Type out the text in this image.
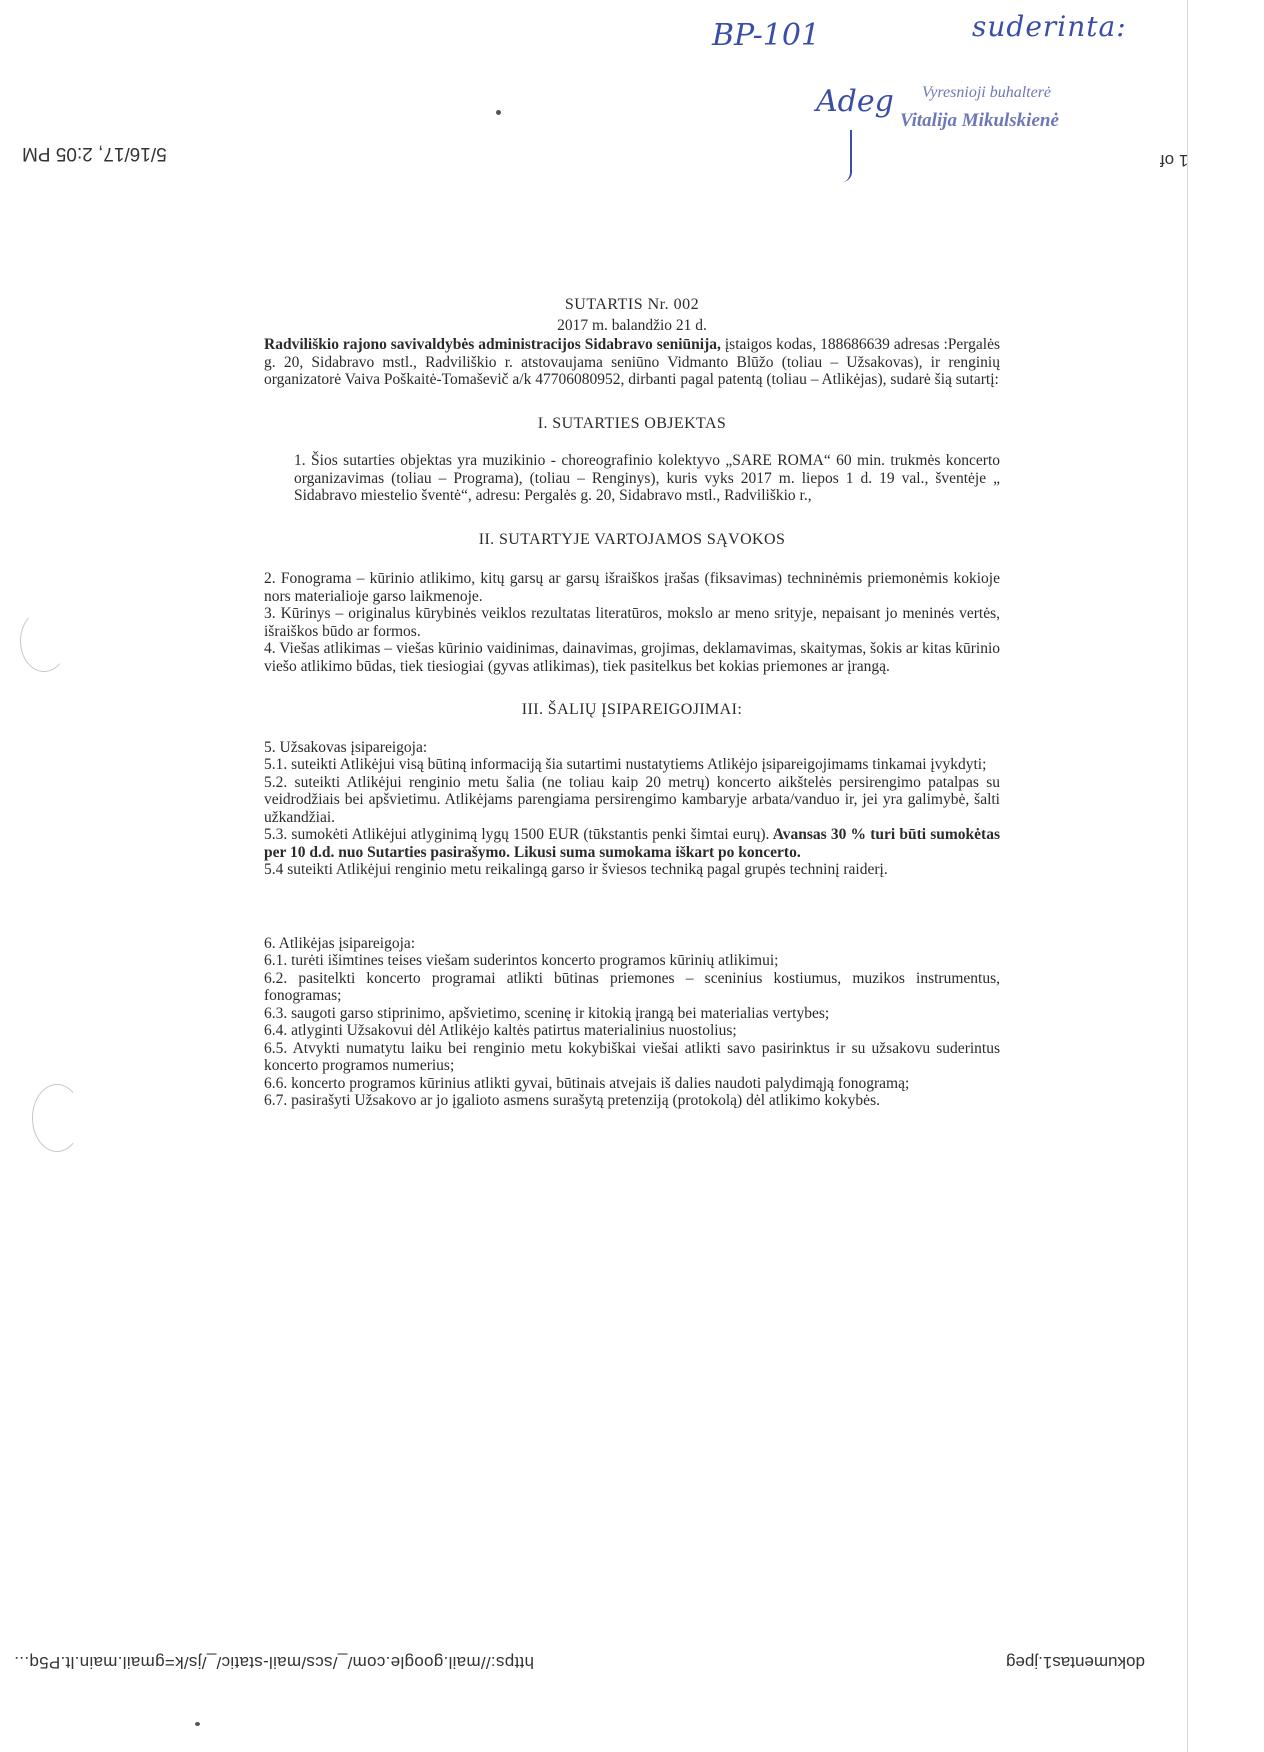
BP-101	suderinta:
Adeg Vyresnioji buhalterė
Vitalija Mikulskienė
5/16/17, 2:05 PM	1 of
https://mail.google.com/_/scs/mail-static/_/js/k=gmail.main.lt.P5q...	dokumentas1.jpeg

SUTARTIS Nr. 002

2017 m. balandžio 21 d.

Radviliškio rajono savivaldybės administracijos Sidabravo seniūnija, įstaigos kodas, 188686639 adresas :Pergalės g. 20, Sidabravo mstl., Radviliškio r. atstovaujama seniūno Vidmanto Blūžo (toliau – Užsakovas), ir renginių organizatorė Vaiva Poškaitė-Tomaševič a/k 47706080952, dirbanti pagal patentą (toliau – Atlikėjas), sudarė šią sutartį:

I. SUTARTIES OBJEKTAS

1. Šios sutarties objektas yra muzikinio - choreografinio kolektyvo „SARE ROMA“ 60 min. trukmės koncerto organizavimas (toliau – Programa), (toliau – Renginys), kuris vyks 2017 m. liepos 1 d. 19 val., šventėje „ Sidabravo miestelio šventė“, adresu: Pergalės g. 20, Sidabravo mstl., Radviliškio r.,

II. SUTARTYJE VARTOJAMOS SĄVOKOS

2. Fonograma – kūrinio atlikimo, kitų garsų ar garsų išraiškos įrašas (fiksavimas) techninėmis priemonėmis kokioje nors materialioje garso laikmenoje.

3. Kūrinys – originalus kūrybinės veiklos rezultatas literatūros, mokslo ar meno srityje, nepaisant jo meninės vertės, išraiškos būdo ar formos.

4. Viešas atlikimas – viešas kūrinio vaidinimas, dainavimas, grojimas, deklamavimas, skaitymas, šokis ar kitas kūrinio viešo atlikimo būdas, tiek tiesiogiai (gyvas atlikimas), tiek pasitelkus bet kokias priemones ar įrangą.

III. ŠALIŲ ĮSIPAREIGOJIMAI:

5. Užsakovas įsipareigoja:

5.1. suteikti Atlikėjui visą būtiną informaciją šia sutartimi nustatytiems Atlikėjo įsipareigojimams tinkamai įvykdyti;

5.2. suteikti Atlikėjui renginio metu šalia (ne toliau kaip 20 metrų) koncerto aikštelės persirengimo patalpas su veidrodžiais bei apšvietimu. Atlikėjams parengiama persirengimo kambaryje arbata/vanduo ir, jei yra galimybė, šalti užkandžiai.

5.3. sumokėti Atlikėjui atlyginimą lygų 1500 EUR (tūkstantis penki šimtai eurų). Avansas 30 % turi būti sumokėtas per 10 d.d. nuo Sutarties pasirašymo. Likusi suma sumokama iškart po koncerto.

5.4 suteikti Atlikėjui renginio metu reikalingą garso ir šviesos techniką pagal grupės techninį raiderį.

6. Atlikėjas įsipareigoja:

6.1. turėti išimtines teises viešam suderintos koncerto programos kūrinių atlikimui;

6.2. pasitelkti koncerto programai atlikti būtinas priemones – sceninius kostiumus, muzikos instrumentus, fonogramas;

6.3. saugoti garso stiprinimo, apšvietimo, sceninę ir kitokią įrangą bei materialias vertybes;

6.4. atlyginti Užsakovui dėl Atlikėjo kaltės patirtus materialinius nuostolius;

6.5. Atvykti numatytu laiku bei renginio metu kokybiškai viešai atlikti savo pasirinktus ir su užsakovu suderintus koncerto programos numerius;

6.6. koncerto programos kūrinius atlikti gyvai, būtinais atvejais iš dalies naudoti palydimąją fonogramą;

6.7. pasirašyti Užsakovo ar jo įgalioto asmens surašytą pretenziją (protokolą) dėl atlikimo kokybės.
